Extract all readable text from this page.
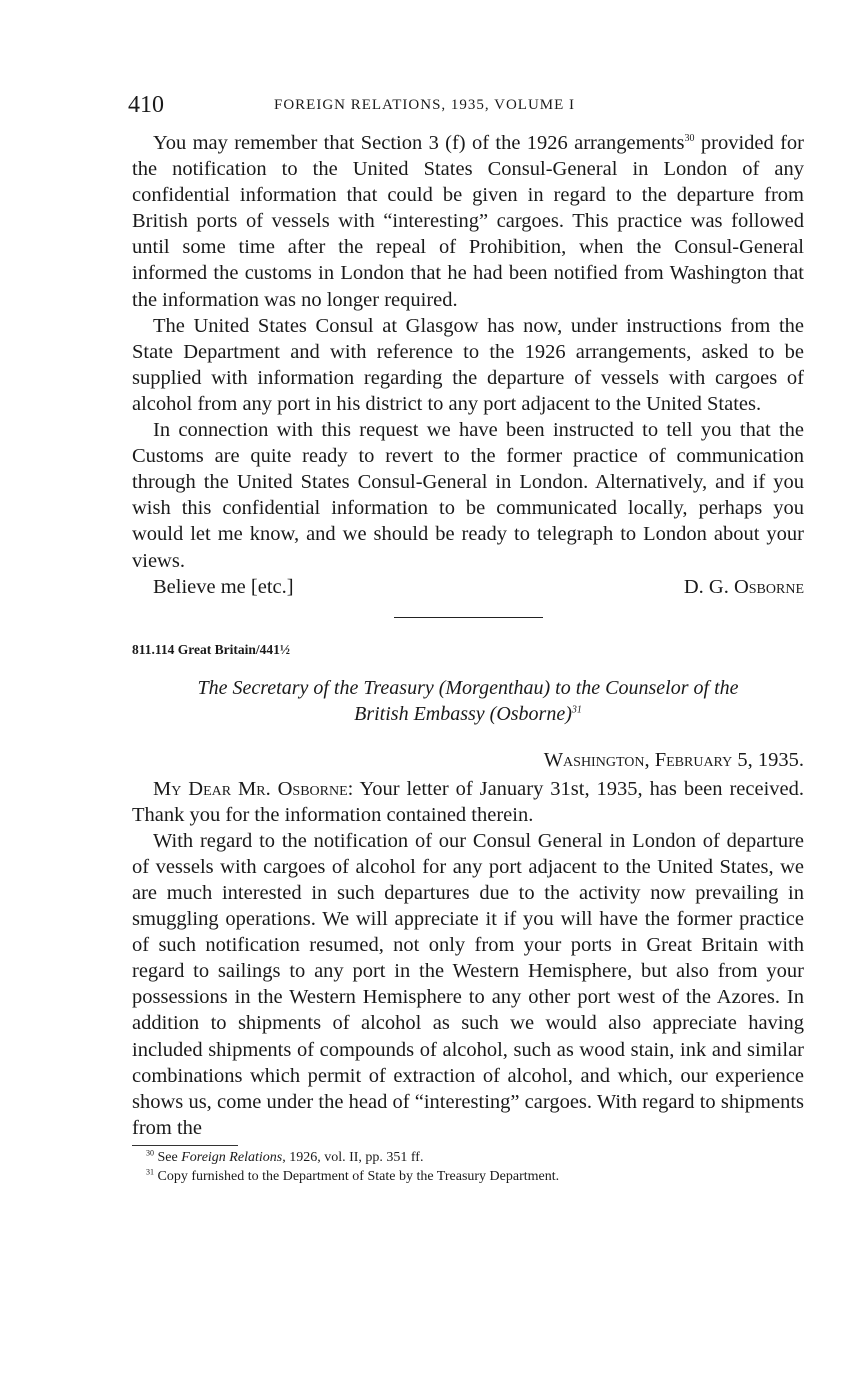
410	FOREIGN RELATIONS, 1935, VOLUME I

You may remember that Section 3 (f) of the 1926 arrangements$^{30}$ provided for the notification to the United States Consul-General in London of any confidential information that could be given in regard to the departure from British ports of vessels with “interesting” cargoes. This practice was followed until some time after the repeal of Prohibition, when the Consul-General informed the customs in London that he had been notified from Washington that the information was no longer required.

The United States Consul at Glasgow has now, under instructions from the State Department and with reference to the 1926 arrangements, asked to be supplied with information regarding the departure of vessels with cargoes of alcohol from any port in his district to any port adjacent to the United States.

In connection with this request we have been instructed to tell you that the Customs are quite ready to revert to the former practice of communication through the United States Consul-General in London. Alternatively, and if you wish this confidential information to be communicated locally, perhaps you would let me know, and we should be ready to telegraph to London about your views.

Believe me [etc.]	D. G. Osborne
811.114 Great Britain/441½
The Secretary of the Treasury (Morgenthau) to the Counselor of the
British Embassy (Osborne)$^{31}$
Washington, February 5, 1935.

My Dear Mr. Osborne: Your letter of January 31st, 1935, has been received. Thank you for the information contained therein.

With regard to the notification of our Consul General in London of departure of vessels with cargoes of alcohol for any port adjacent to the United States, we are much interested in such departures due to the activity now prevailing in smuggling operations. We will appreciate it if you will have the former practice of such notification resumed, not only from your ports in Great Britain with regard to sailings to any port in the Western Hemisphere, but also from your possessions in the Western Hemisphere to any other port west of the Azores. In addition to shipments of alcohol as such we would also appreciate having included shipments of compounds of alcohol, such as wood stain, ink and similar combinations which permit of extraction of alcohol, and which, our experience shows us, come under the head of “interesting” cargoes. With regard to shipments from the

$^{30}$ See Foreign Relations, 1926, vol. II, pp. 351 ff.
$^{31}$ Copy furnished to the Department of State by the Treasury Department.
